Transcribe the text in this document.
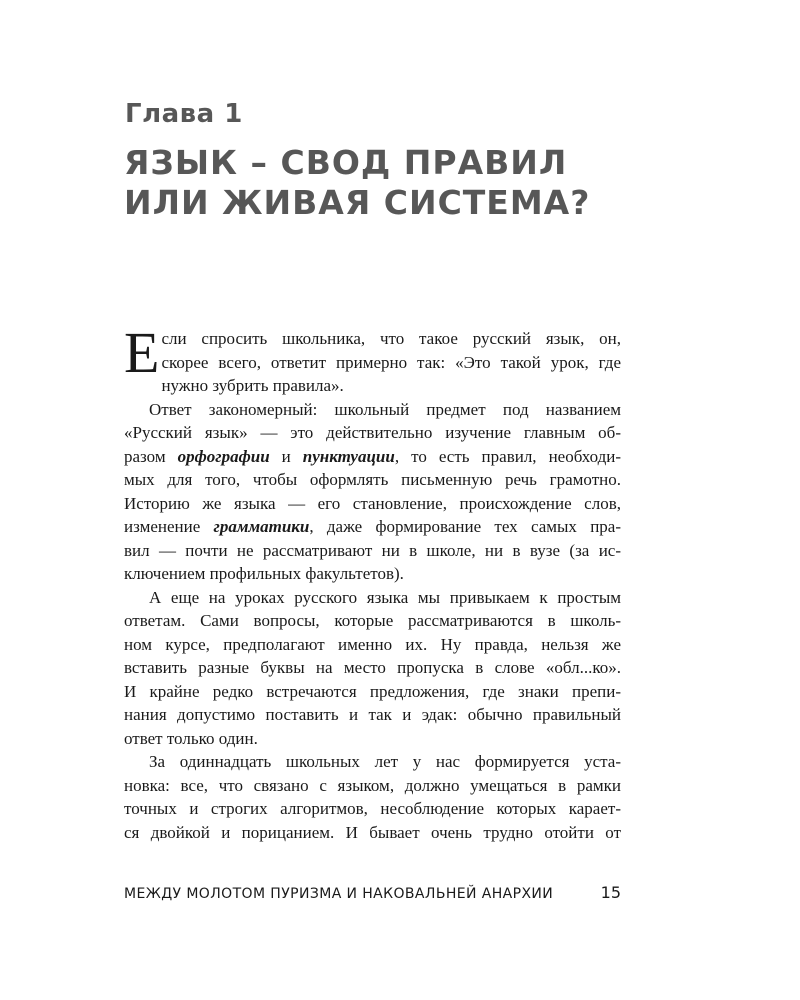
Глава 1
ЯЗЫК – СВОД ПРАВИЛ
ИЛИ ЖИВАЯ СИСТЕМА?
Е сли спросить школьника, что такое русский язык, он,
скорее всего, ответит примерно так: «Это такой урок, где
нужно зубрить правила».
Ответ закономерный: школьный предмет под названием
«Русский язык» — это действительно изучение главным об-
разом орфографии и пунктуации, то есть правил, необходи-
мых для того, чтобы оформлять письменную речь грамотно.
Историю же языка — его становление, происхождение слов,
изменение грамматики, даже формирование тех самых пра-
вил — почти не рассматривают ни в школе, ни в вузе (за ис-
ключением профильных факультетов).
А еще на уроках русского языка мы привыкаем к простым
ответам. Сами вопросы, которые рассматриваются в школь-
ном курсе, предполагают именно их. Ну правда, нельзя же
вставить разные буквы на место пропуска в слове «обл...ко».
И крайне редко встречаются предложения, где знаки препи-
нания допустимо поставить и так и эдак: обычно правильный
ответ только один.
За одиннадцать школьных лет у нас формируется уста-
новка: все, что связано с языком, должно умещаться в рамки
точных и строгих алгоритмов, несоблюдение которых карает-
ся двойкой и порицанием. И бывает очень трудно отойти от
МЕЖДУ МОЛОТОМ ПУРИЗМА И НАКОВАЛЬНЕЙ АНАРХИИ	15
